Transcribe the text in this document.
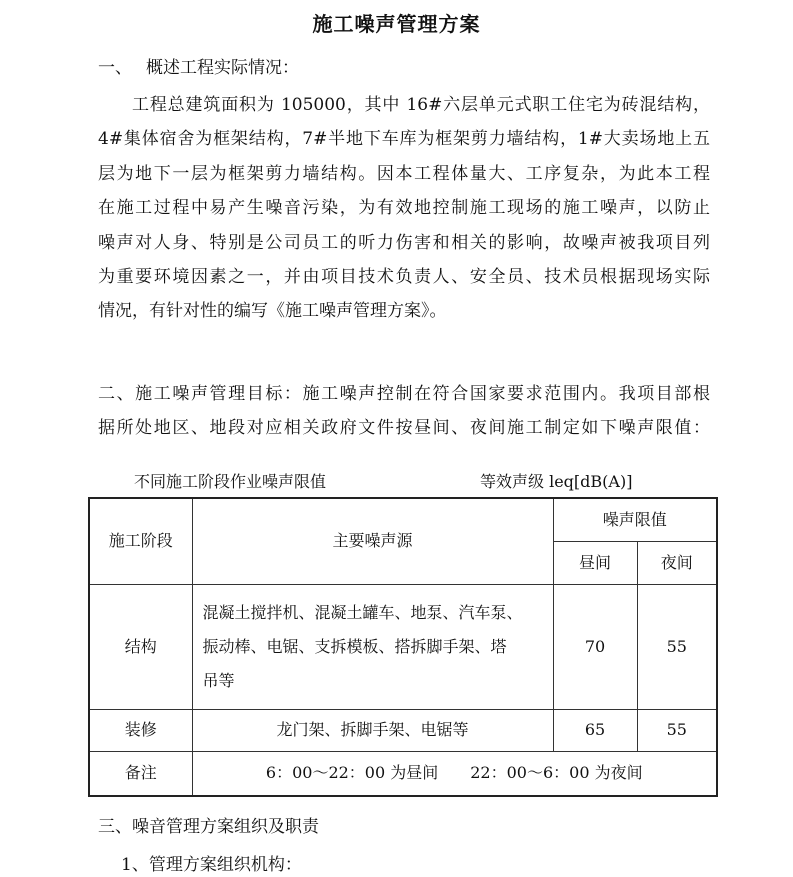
施工噪声管理方案
一、 概述工程实际情况：
工程总建筑面积为 105000，其中 16#六层单元式职工住宅为砖混结构，
4#集体宿舍为框架结构，7#半地下车库为框架剪力墙结构，1#大卖场地上五
层为地下一层为框架剪力墙结构。因本工程体量大、工序复杂，为此本工程
在施工过程中易产生噪音污染，为有效地控制施工现场的施工噪声，以防止
噪声对人身、特别是公司员工的听力伤害和相关的影响，故噪声被我项目列
为重要环境因素之一，并由项目技术负责人、安全员、技术员根据现场实际
情况，有针对性的编写《施工噪声管理方案》。
二、施工噪声管理目标：施工噪声控制在符合国家要求范围内。我项目部根
据所处地区、地段对应相关政府文件按昼间、夜间施工制定如下噪声限值：
不同施工阶段作业噪声限值	等效声级 leq[dB(A)]
施工阶段	主要噪声源	噪声限值	
		昼间	夜间
结构	混凝土搅拌机、混凝土罐车、地泵、汽车泵、
振动棒、电锯、支拆模板、搭拆脚手架、塔
吊等	70	55
装修	龙门架、拆脚手架、电锯等	65	55
备注	6：00～22：00 为昼间　　22：00～6：00 为夜间		
三、噪音管理方案组织及职责
1、管理方案组织机构：
